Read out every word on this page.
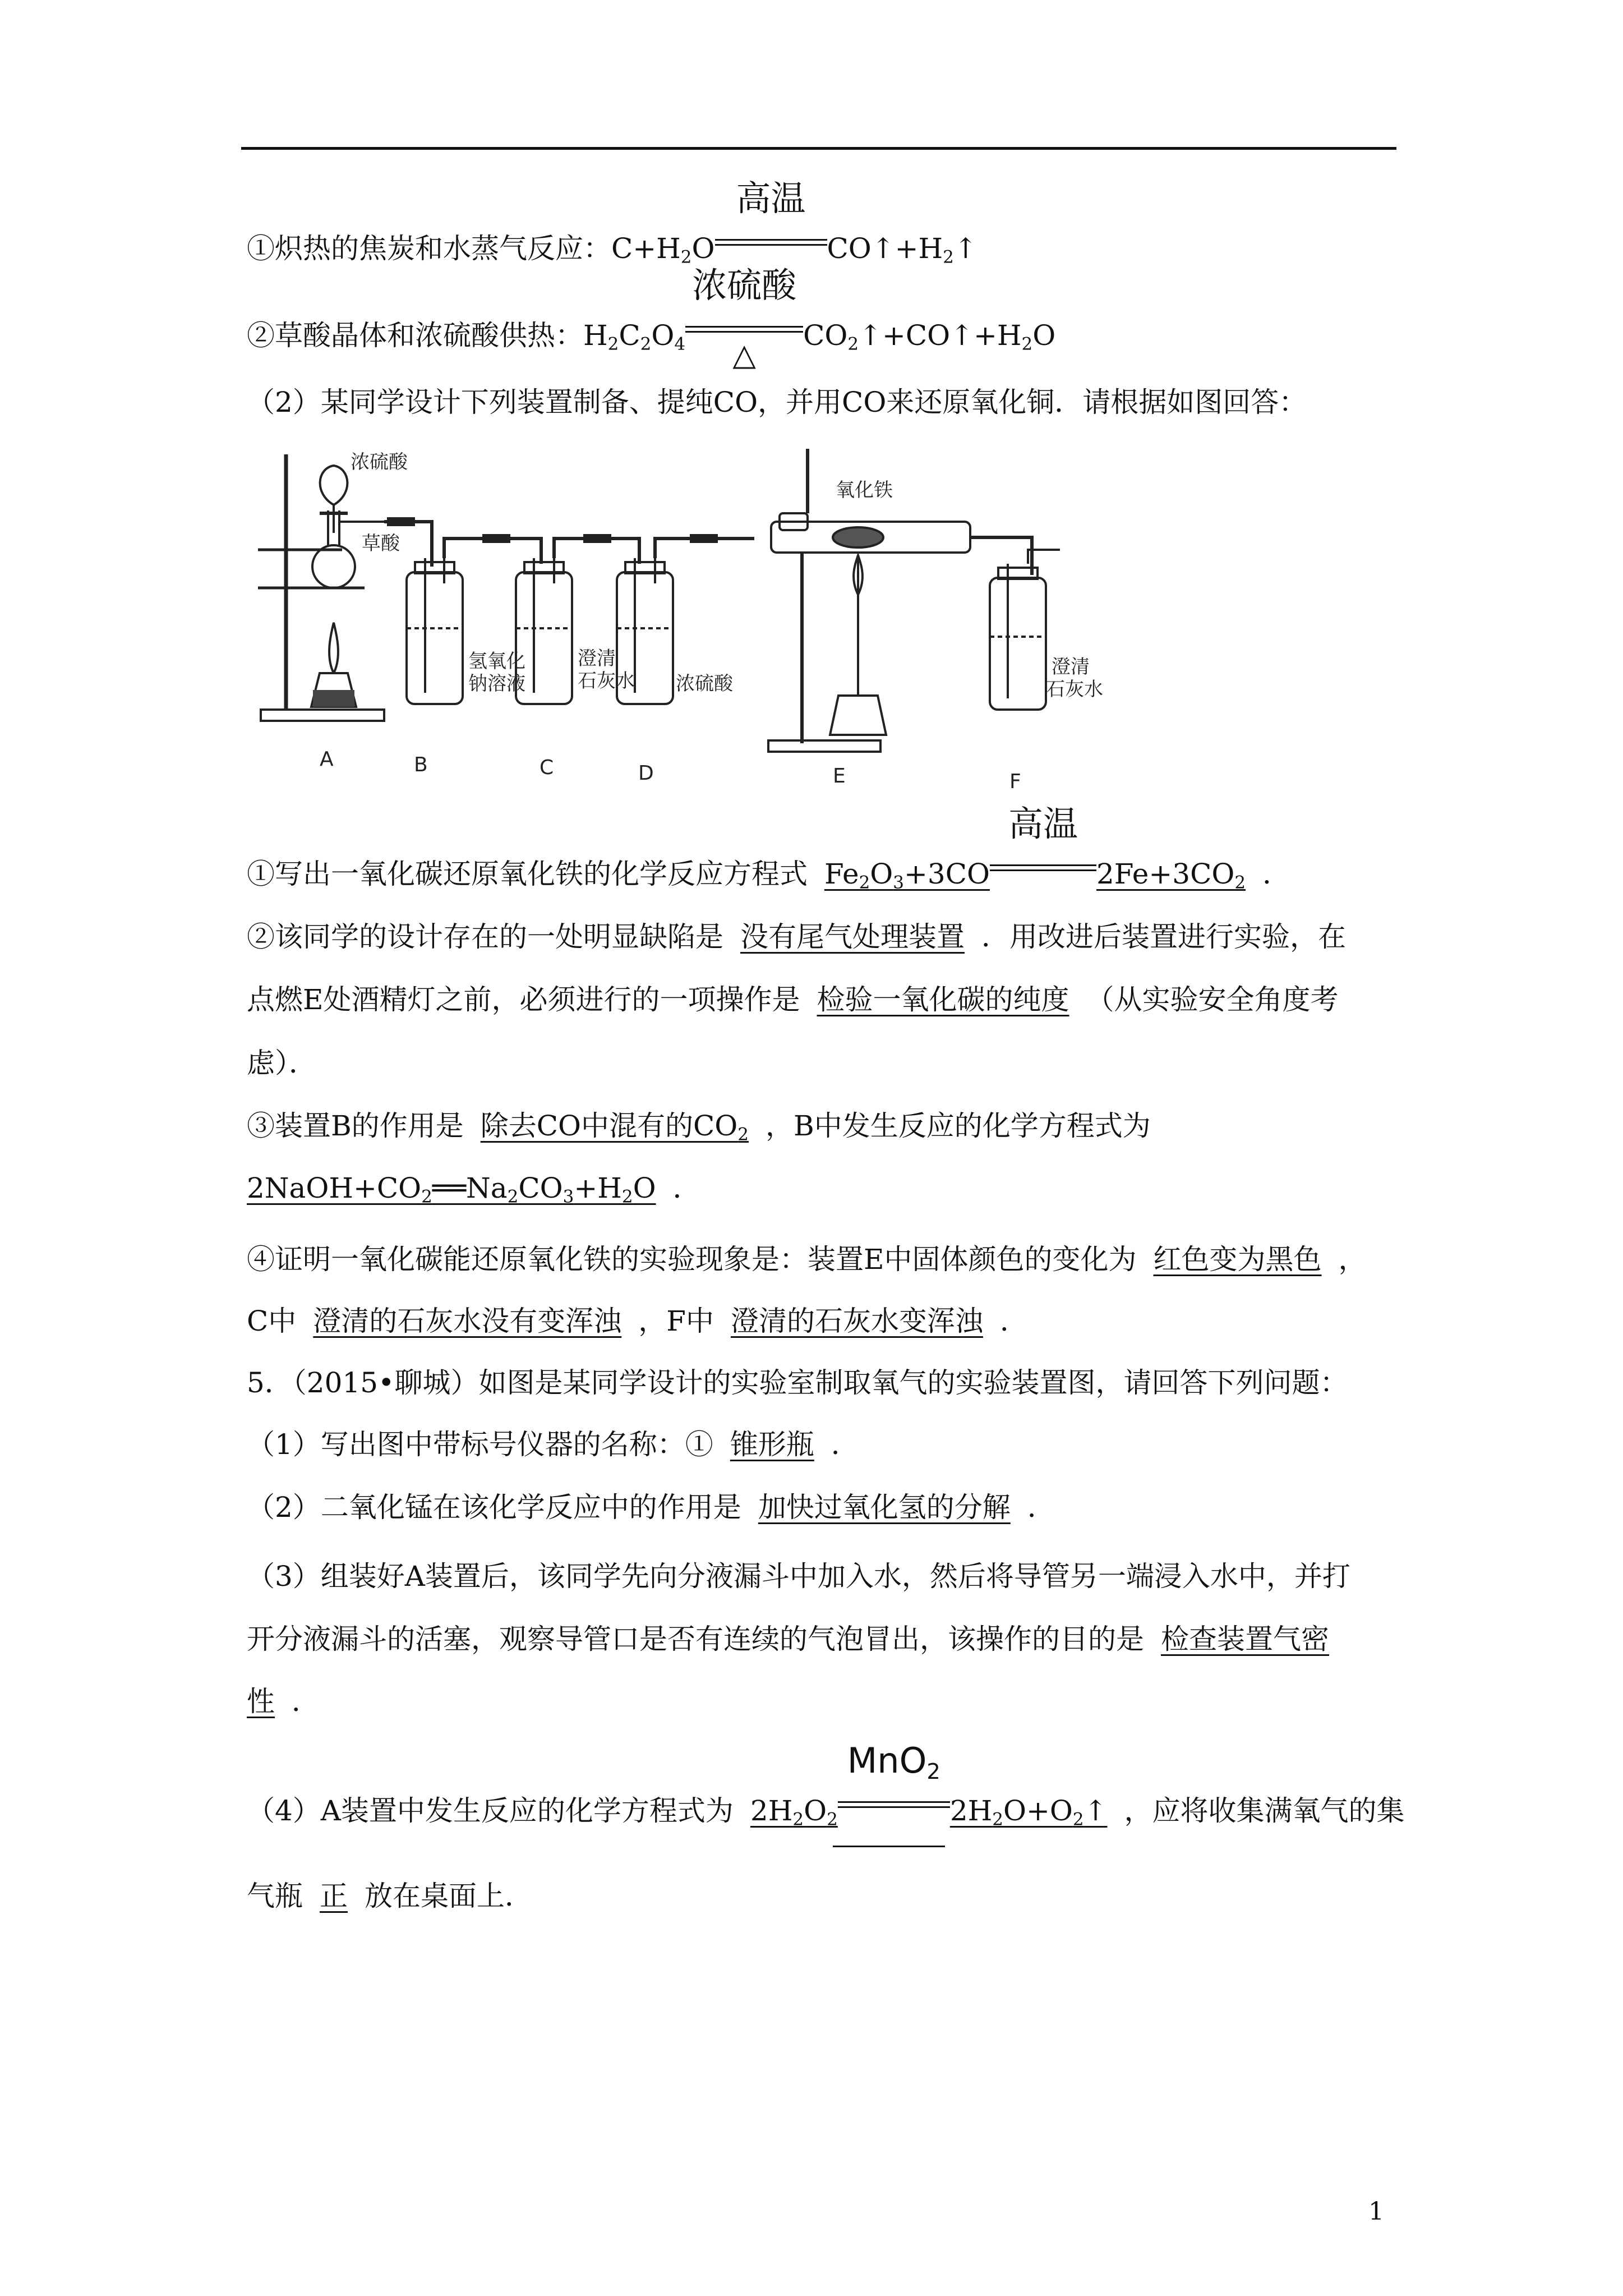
①炽热的焦炭和水蒸气反应：$C+H_2O$
高温
$CO↑+H_2↑$
②草酸晶体和浓硫酸供热：$H_2C_2O_4$
浓硫酸
△
$CO_2↑+CO↑+H_2O$
（2）某同学设计下列装置制备、提纯CO，并用CO来还原氧化铜．请根据如图回答：
浓硫酸
草酸
氢氧化
钠溶液
澄清
石灰水 浓硫酸
氧化铁
澄清
石灰水
A	B	C	D	E	F
①写出一氧化碳还原氧化铁的化学反应方程式 $Fe_2O_3+3CO$
高温
$2Fe+3CO_2$ ．
②该同学的设计存在的一处明显缺陷是 没有尾气处理装置 ．用改进后装置进行实验，在
点燃E处酒精灯之前，必须进行的一项操作是 检验一氧化碳的纯度 （从实验安全角度考
虑）．
③装置B的作用是 除去CO中混有的$CO_2$ ，B中发生反应的化学方程式为
$2NaOH+CO_2══Na_2CO_3+H_2O$ ．
④证明一氧化碳能还原氧化铁的实验现象是：装置E中固体颜色的变化为 红色变为黑色 ，
C中 澄清的石灰水没有变浑浊 ，F中 澄清的石灰水变浑浊 ．
5．（2015•聊城）如图是某同学设计的实验室制取氧气的实验装置图，请回答下列问题：
（1）写出图中带标号仪器的名称：① 锥形瓶 ．
（2）二氧化锰在该化学反应中的作用是 加快过氧化氢的分解 ．
（3）组装好A装置后，该同学先向分液漏斗中加入水，然后将导管另一端浸入水中，并打
开分液漏斗的活塞，观察导管口是否有连续的气泡冒出，该操作的目的是 检查装置气密
性 ．
（4）A装置中发生反应的化学方程式为 $2H_2O_2$
MnO$_2$
$2H_2O+O_2↑$ ，应将收集满氧气的集
气瓶 正 放在桌面上．
1
